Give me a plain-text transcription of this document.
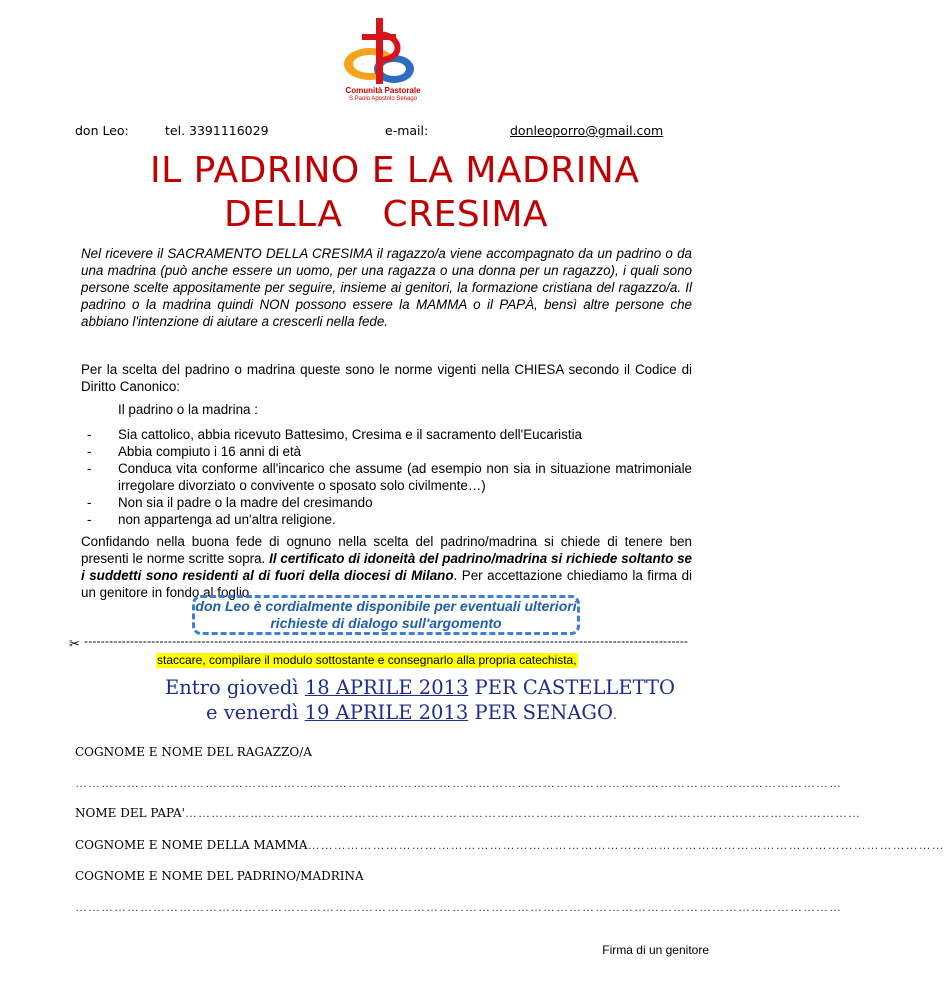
Comunità Pastorale
S.Paolo Apostolo Senago
don Leo:	tel. 3391116029	e-mail:	donleoporro@gmail.com
IL PADRINO E LA MADRINA
DELLA CRESIMA
Nel ricevere il SACRAMENTO DELLA CRESIMA il ragazzo/a viene accompagnato da un padrino o da una madrina (può anche essere un uomo, per una ragazza o una donna per un ragazzo), i quali sono persone scelte appositamente per seguire, insieme ai genitori, la formazione cristiana del ragazzo/a. Il padrino o la madrina quindi NON possono essere la MAMMA o il PAPÀ, bensì altre persone che abbiano l'intenzione di aiutare a crescerli nella fede.
Per la scelta del padrino o madrina queste sono le norme vigenti nella CHIESA secondo il Codice di Diritto Canonico:
Il padrino o la madrina :
- Sia cattolico, abbia ricevuto Battesimo, Cresima e il sacramento dell'Eucaristia
- Abbia compiuto i 16 anni di età
- Conduca vita conforme all'incarico che assume (ad esempio non sia in situazione matrimoniale irregolare divorziato o convivente o sposato solo civilmente…)
- Non sia il padre o la madre del cresimando
- non appartenga ad un'altra religione.
Confidando nella buona fede di ognuno nella scelta del padrino/madrina si chiede di tenere ben presenti le norme scritte sopra. Il certificato di idoneità del padrino/madrina si richiede soltanto se i suddetti sono residenti al di fuori della diocesi di Milano. Per accettazione chiediamo la firma di un genitore in fondo al foglio.
don Leo è cordialmente disponibile per eventuali ulteriori richieste di dialogo sull'argomento
✂ ------------------------------------------------------------------------------------------------------------------------------------------------
staccare, compilare il modulo sottostante e consegnarlo alla propria catechista,
Entro giovedì 18 APRILE 2013 PER CASTELLETTO
e venerdì 19 APRILE 2013 PER SENAGO.
COGNOME E NOME DEL RAGAZZO/A
……………………………………………………………………………………………………………………………………………………………
NOME DEL PAPA'…………………………………………………………………………………………………………………………………………
COGNOME E NOME DELLA MAMMA…………………………………………………………………………………………………………………………………
COGNOME E NOME DEL PADRINO/MADRINA
……………………………………………………………………………………………………………………………………………………………
Firma di un genitore
